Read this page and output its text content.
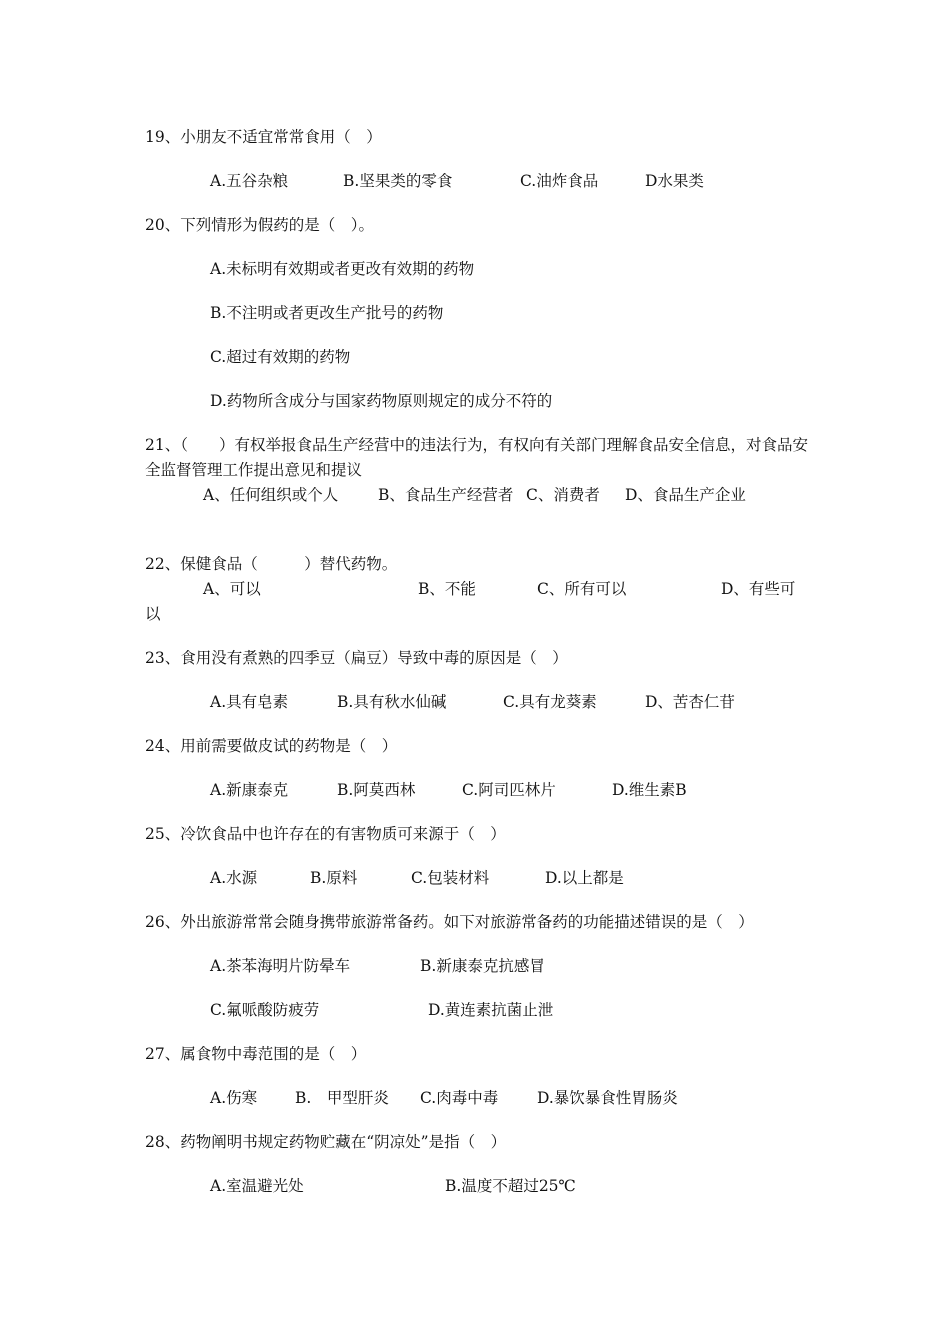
19、小朋友不适宜常常食用（　）
A.五谷杂粮	B.坚果类的零食	C.油炸食品	D水果类
20、下列情形为假药的是（　）。
A.未标明有效期或者更改有效期的药物
B.不注明或者更改生产批号的药物
C.超过有效期的药物
D.药物所含成分与国家药物原则规定的成分不符的
21、（　　）有权举报食品生产经营中的违法行为，有权向有关部门理解食品安全信息，对食品安全监督管理工作提出意见和提议
A、任何组织或个人	B、食品生产经营者 C、消费者 D、食品生产企业
22、保健食品（　　　）替代药物。
A、可以	B、不能	C、所有可以	D、有些可
以
23、食用没有煮熟的四季豆（扁豆）导致中毒的原因是（　）
A.具有皂素	B.具有秋水仙碱	C.具有龙葵素	D、苦杏仁苷
24、用前需要做皮试的药物是（　）
A.新康泰克	B.阿莫西林	C.阿司匹林片	D.维生素B
25、冷饮食品中也许存在的有害物质可来源于（　）
A.水源	B.原料	C.包装材料	D.以上都是
26、外出旅游常常会随身携带旅游常备药。如下对旅游常备药的功能描述错误的是（　）
A.茶苯海明片防晕车	B.新康泰克抗感冒
C.氟哌酸防疲劳	D.黄连素抗菌止泄
27、属食物中毒范围的是（　）
A.伤寒 B.　甲型肝炎 C.肉毒中毒	D.暴饮暴食性胃肠炎
28、药物阐明书规定药物贮藏在“阴凉处”是指（　）
A.室温避光处	B.温度不超过25℃
